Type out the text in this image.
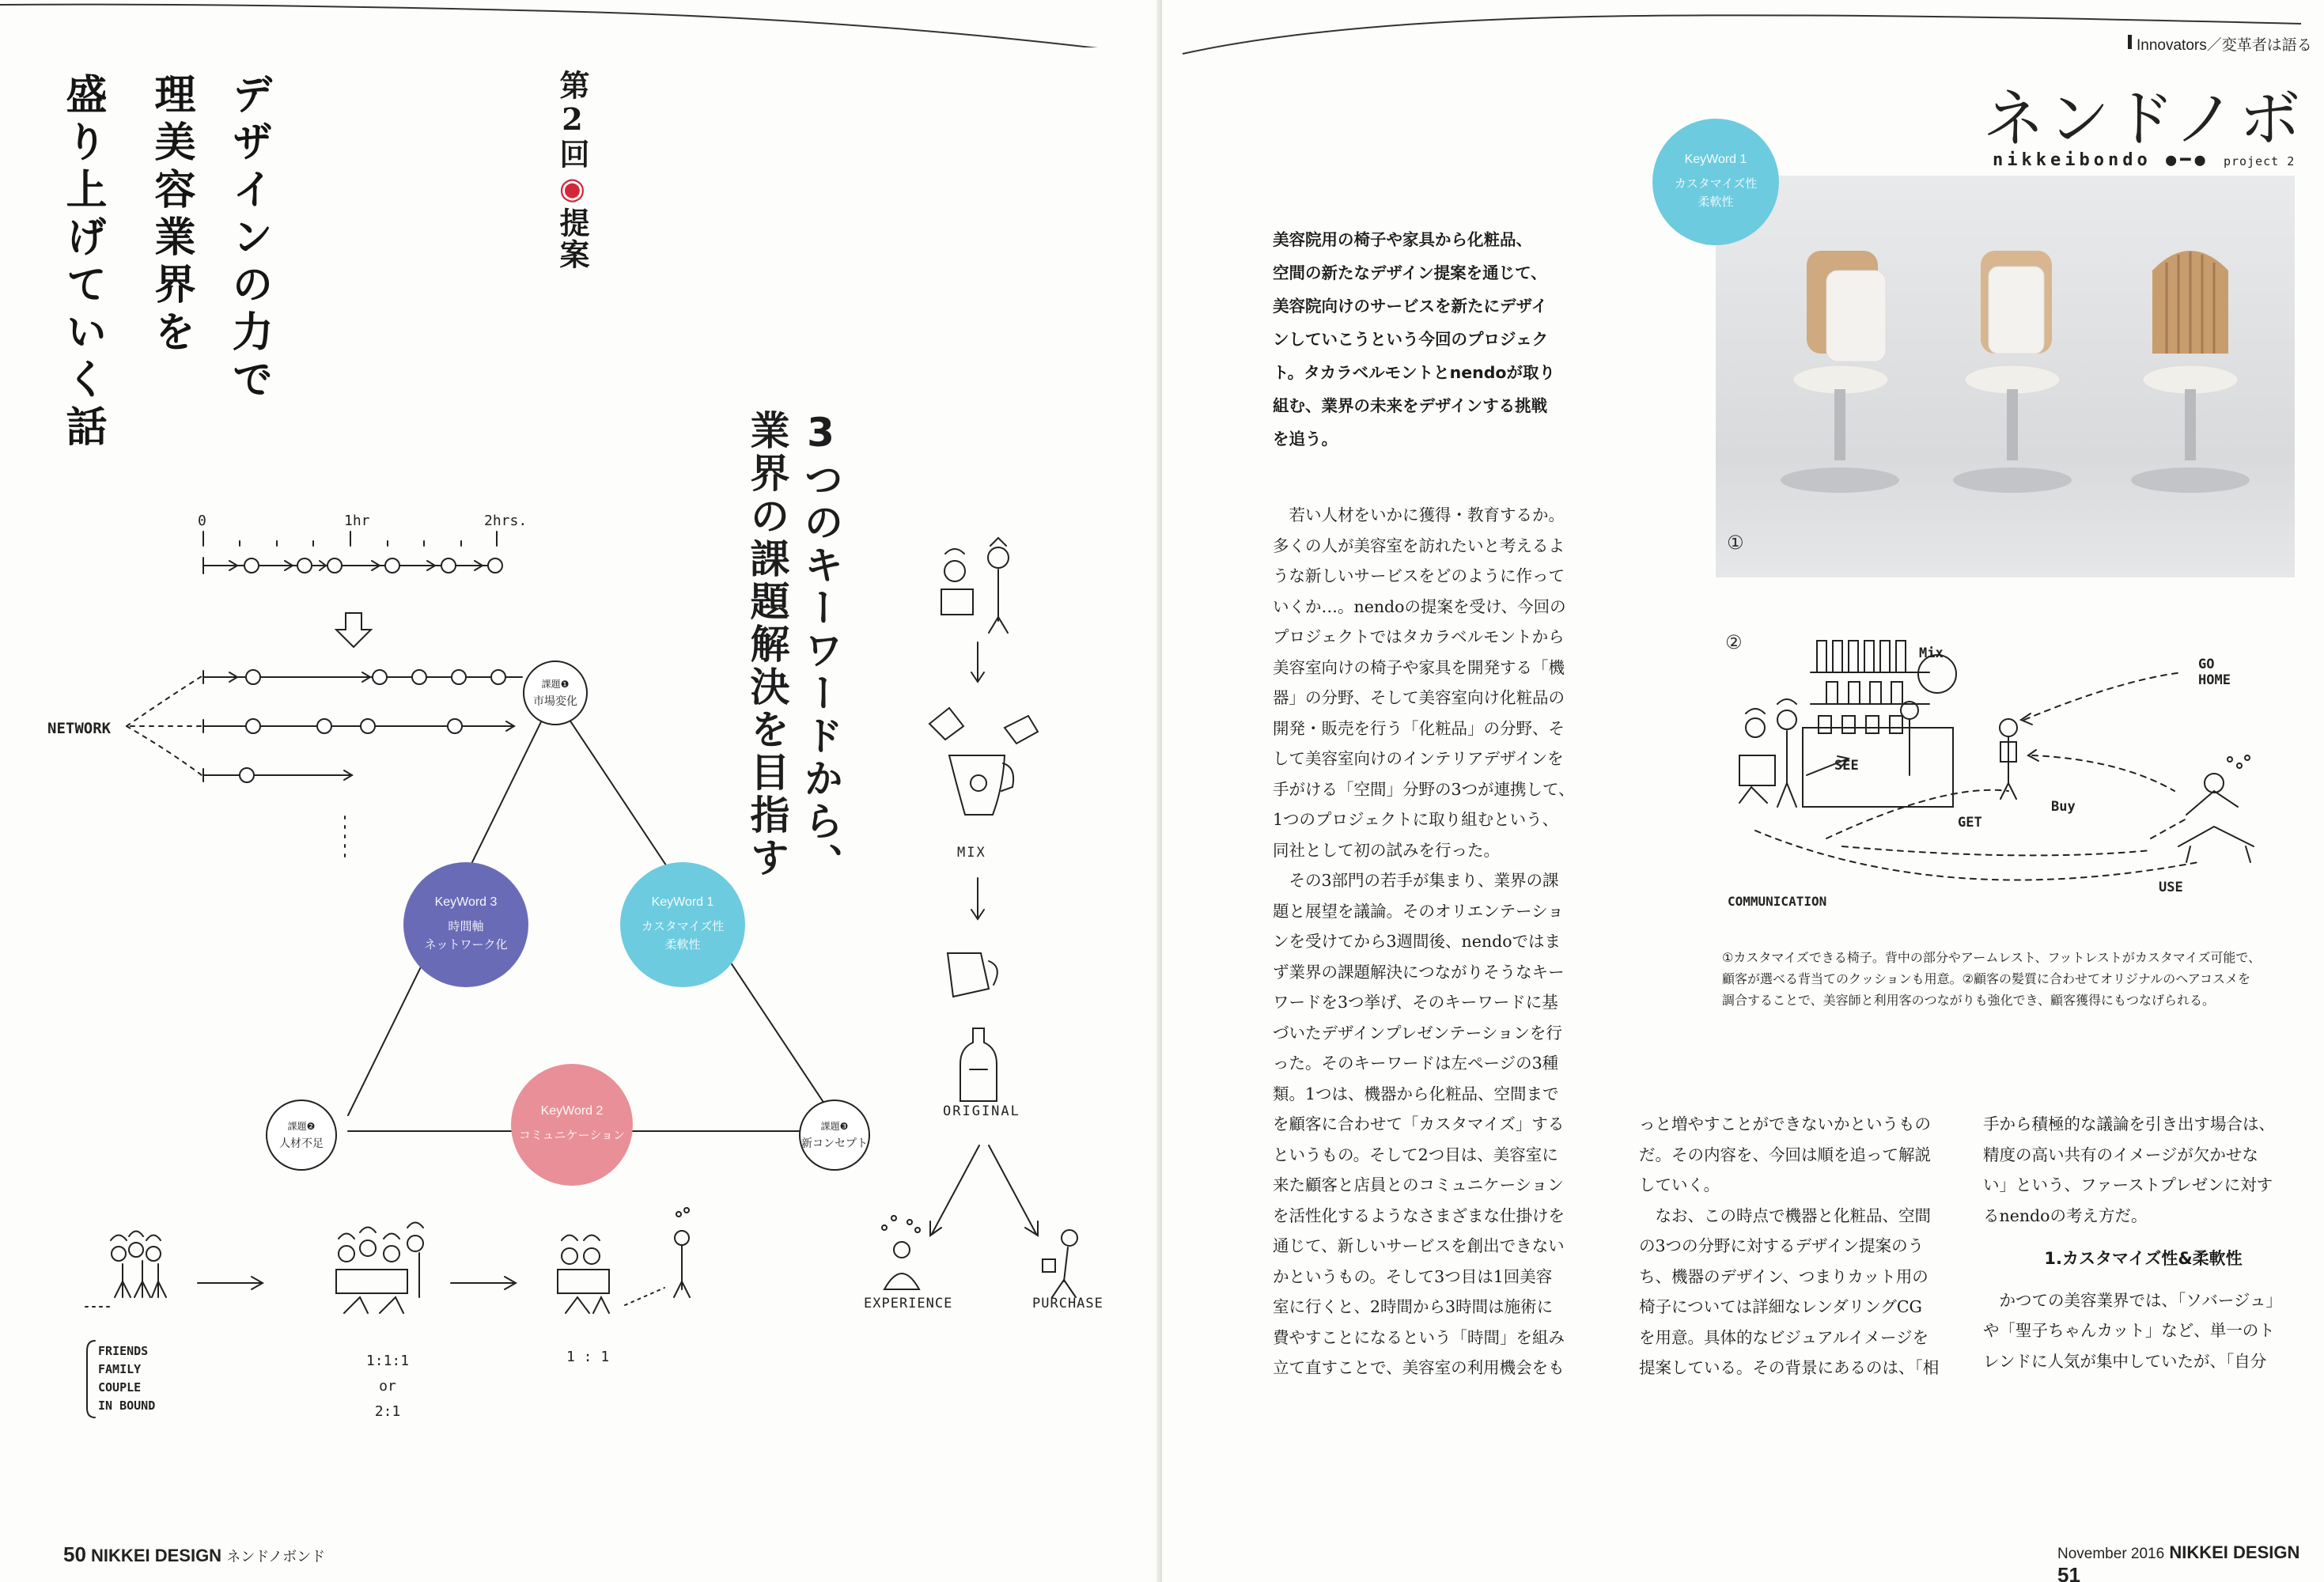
デザインの力で
理美容業界を
盛り上げていく話	第2回◉提案
3つのキーワードから、
業界の課題解決を目指す
0	1hr	2hrs.
NETWORK
課題❶
市場変化
課題❷
人材不足
課題❸
新コンセプト
KeyWord 3
時間軸
ネットワーク化
KeyWord 1
カスタマイズ性
柔軟性
KeyWord 2
コミュニケーション
FRIENDS
FAMILY
COUPLE
IN BOUND
1:1:1
or
2:1
1 : 1
MIX
ORIGINAL
EXPERIENCE	PURCHASE
50 NIKKEI DESIGN ネンドノボンド
Innovators／変革者は語る
ネンドノボ
nikkeibondo ●━● project 2
美容院用の椅子や家具から化粧品、
空間の新たなデザイン提案を通じて、
美容院向けのサービスを新たにデザイ
ンしていこうという今回のプロジェク
ト。タカラベルモントとnendoが取り
組む、業界の未来をデザインする挑戦
を追う。
若い人材をいかに獲得・教育するか。
多くの人が美容室を訪れたいと考えるよ
うな新しいサービスをどのように作って
いくか…。nendoの提案を受け、今回の
プロジェクトではタカラベルモントから
美容室向けの椅子や家具を開発する「機
器」の分野、そして美容室向け化粧品の
開発・販売を行う「化粧品」の分野、そ
して美容室向けのインテリアデザインを
手がける「空間」分野の3つが連携して、
1つのプロジェクトに取り組むという、
同社として初の試みを行った。
その3部門の若手が集まり、業界の課
題と展望を議論。そのオリエンテーショ
ンを受けてから3週間後、nendoではま
ず業界の課題解決につながりそうなキー
ワードを3つ挙げ、そのキーワードに基
づいたデザインプレゼンテーションを行
った。そのキーワードは左ページの3種
類。1つは、機器から化粧品、空間まで
を顧客に合わせて「カスタマイズ」する
というもの。そして2つ目は、美容室に
来た顧客と店員とのコミュニケーション
を活性化するようなさまざまな仕掛けを
通じて、新しいサービスを創出できない
かというもの。そして3つ目は1回美容
室に行くと、2時間から3時間は施術に
費やすことになるという「時間」を組み
立て直すことで、美容室の利用機会をも
KeyWord 1
カスタマイズ性
柔軟性
①
②	Mix
GO
HOME
SEE
GET
Buy
USE
COMMUNICATION
①カスタマイズできる椅子。背中の部分やアームレスト、フットレストがカスタマイズ可能で、
顧客が選べる背当てのクッションも用意。②顧客の髪質に合わせてオリジナルのヘアコスメを
調合することで、美容師と利用客のつながりも強化でき、顧客獲得にもつなげられる。
っと増やすことができないかというもの
だ。その内容を、今回は順を追って解説
していく。
なお、この時点で機器と化粧品、空間
の3つの分野に対するデザイン提案のう
ち、機器のデザイン、つまりカット用の
椅子については詳細なレンダリングCG
を用意。具体的なビジュアルイメージを
提案している。その背景にあるのは、「相
手から積極的な議論を引き出す場合は、
精度の高い共有のイメージが欠かせな
い」という、ファーストプレゼンに対す
るnendoの考え方だ。
1.カスタマイズ性&柔軟性
かつての美容業界では、「ソバージュ」
や「聖子ちゃんカット」など、単一のト
レンドに人気が集中していたが、「自分
November 2016 NIKKEI DESIGN 51
